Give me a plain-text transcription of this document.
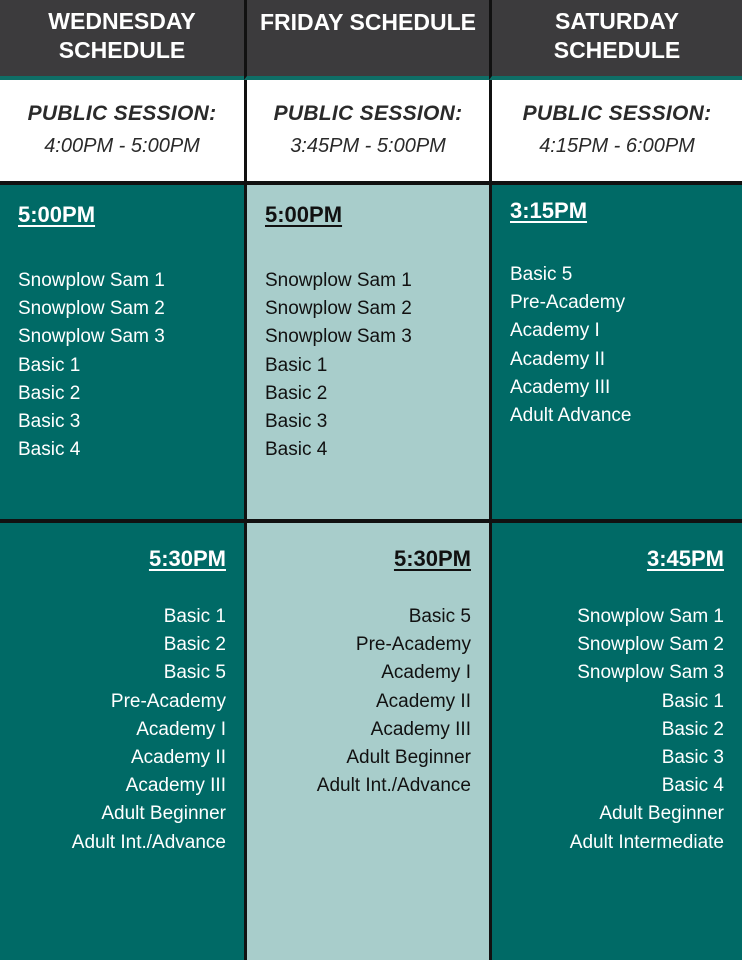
WEDNESDAY SCHEDULE
FRIDAY SCHEDULE	SATURDAY SCHEDULE
PUBLIC SESSION:
4:00PM - 5:00PM
PUBLIC SESSION:
3:45PM - 5:00PM
PUBLIC SESSION:
4:15PM - 6:00PM
5:00PM
Snowplow Sam 1
Snowplow Sam 2
Snowplow Sam 3
Basic 1
Basic 2
Basic 3
Basic 4
5:00PM
Snowplow Sam 1
Snowplow Sam 2
Snowplow Sam 3
Basic 1
Basic 2
Basic 3
Basic 4
3:15PM
Basic 5
Pre-Academy
Academy I
Academy II
Academy III
Adult Advance
5:30PM
Basic 1
Basic 2
Basic 5
Pre-Academy
Academy I
Academy II
Academy III
Adult Beginner
Adult Int./Advance
5:30PM
Basic 5
Pre-Academy
Academy I
Academy II
Academy III
Adult Beginner
Adult Int./Advance
3:45PM
Snowplow Sam 1
Snowplow Sam 2
Snowplow Sam 3
Basic 1
Basic 2
Basic 3
Basic 4
Adult Beginner
Adult Intermediate
